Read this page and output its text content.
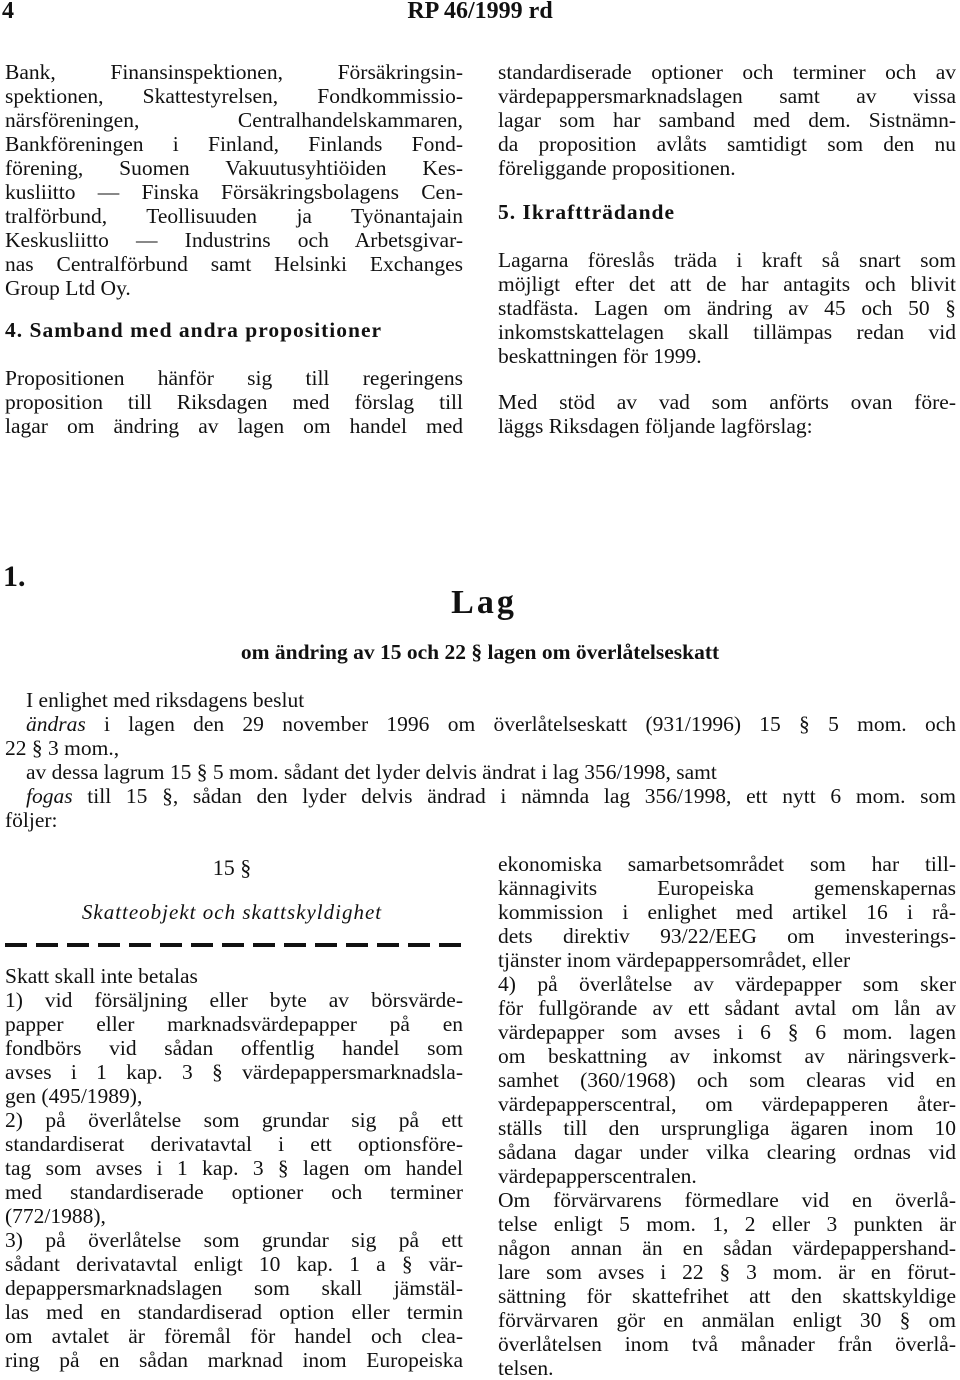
4	RP 46/1999 rd
Bank, Finansinspektionen, Försäkringsin-
spektionen, Skattestyrelsen, Fondkommissio-
närsföreningen, Centralhandelskammaren,
Bankföreningen i Finland, Finlands Fond-
förening, Suomen Vakuutusyhtiöiden Kes-
kusliitto — Finska Försäkringsbolagens Cen-
tralförbund, Teollisuuden ja Työnantajain
Keskusliitto — Industrins och Arbetsgivar-
nas Centralförbund samt Helsinki Exchanges
Group Ltd Oy.
4. Samband med andra propositioner
Propositionen hänför sig till regeringens
proposition till Riksdagen med förslag till
lagar om ändring av lagen om handel med
standardiserade optioner och terminer och av
värdepappersmarknadslagen samt av vissa
lagar som har samband med dem. Sistnämn-
da proposition avlåts samtidigt som den nu
föreliggande propositionen.
5. Ikraftträdande
Lagarna föreslås träda i kraft så snart som
möjligt efter det att de har antagits och blivit
stadfästa. Lagen om ändring av 45 och 50 §
inkomstskattelagen skall tillämpas redan vid
beskattningen för 1999.
Med stöd av vad som anförts ovan före-
läggs Riksdagen följande lagförslag:
1.
Lag
om ändring av 15 och 22 § lagen om överlåtelseskatt
I enlighet med riksdagens beslut
ändras i lagen den 29 november 1996 om överlåtelseskatt (931/1996) 15 § 5 mom. och
22 § 3 mom.,
av dessa lagrum 15 § 5 mom. sådant det lyder delvis ändrat i lag 356/1998, samt
fogas till 15 §, sådan den lyder delvis ändrad i nämnda lag 356/1998, ett nytt 6 mom. som
följer:
15 §
Skatteobjekt och skattskyldighet
Skatt skall inte betalas
1) vid försäljning eller byte av börsvärde-
papper eller marknadsvärdepapper på en
fondbörs vid sådan offentlig handel som
avses i 1 kap. 3 § värdepappersmarknadsla-
gen (495/1989),
2) på överlåtelse som grundar sig på ett
standardiserat derivatavtal i ett optionsföre-
tag som avses i 1 kap. 3 § lagen om handel
med standardiserade optioner och terminer
(772/1988),
3) på överlåtelse som grundar sig på ett
sådant derivatavtal enligt 10 kap. 1 a § vär-
depappersmarknadslagen som skall jämstäl-
las med en standardiserad option eller termin
om avtalet är föremål för handel och clea-
ring på en sådan marknad inom Europeiska
ekonomiska samarbetsområdet som har till-
kännagivits Europeiska gemenskapernas
kommission i enlighet med artikel 16 i rå-
dets direktiv 93/22/EEG om investerings-
tjänster inom värdepappersområdet, eller
4) på överlåtelse av värdepapper som sker
för fullgörande av ett sådant avtal om lån av
värdepapper som avses i 6 § 6 mom. lagen
om beskattning av inkomst av näringsverk-
samhet (360/1968) och som clearas vid en
värdepapperscentral, om värdepapperen åter-
ställs till den ursprungliga ägaren inom 10
sådana dagar under vilka clearing ordnas vid
värdepapperscentralen.
Om förvärvarens förmedlare vid en överlå-
telse enligt 5 mom. 1, 2 eller 3 punkten är
någon annan än en sådan värdepappershand-
lare som avses i 22 § 3 mom. är en förut-
sättning för skattefrihet att den skattskyldige
förvärvaren gör en anmälan enligt 30 § om
överlåtelsen inom två månader från överlå-
telsen.
